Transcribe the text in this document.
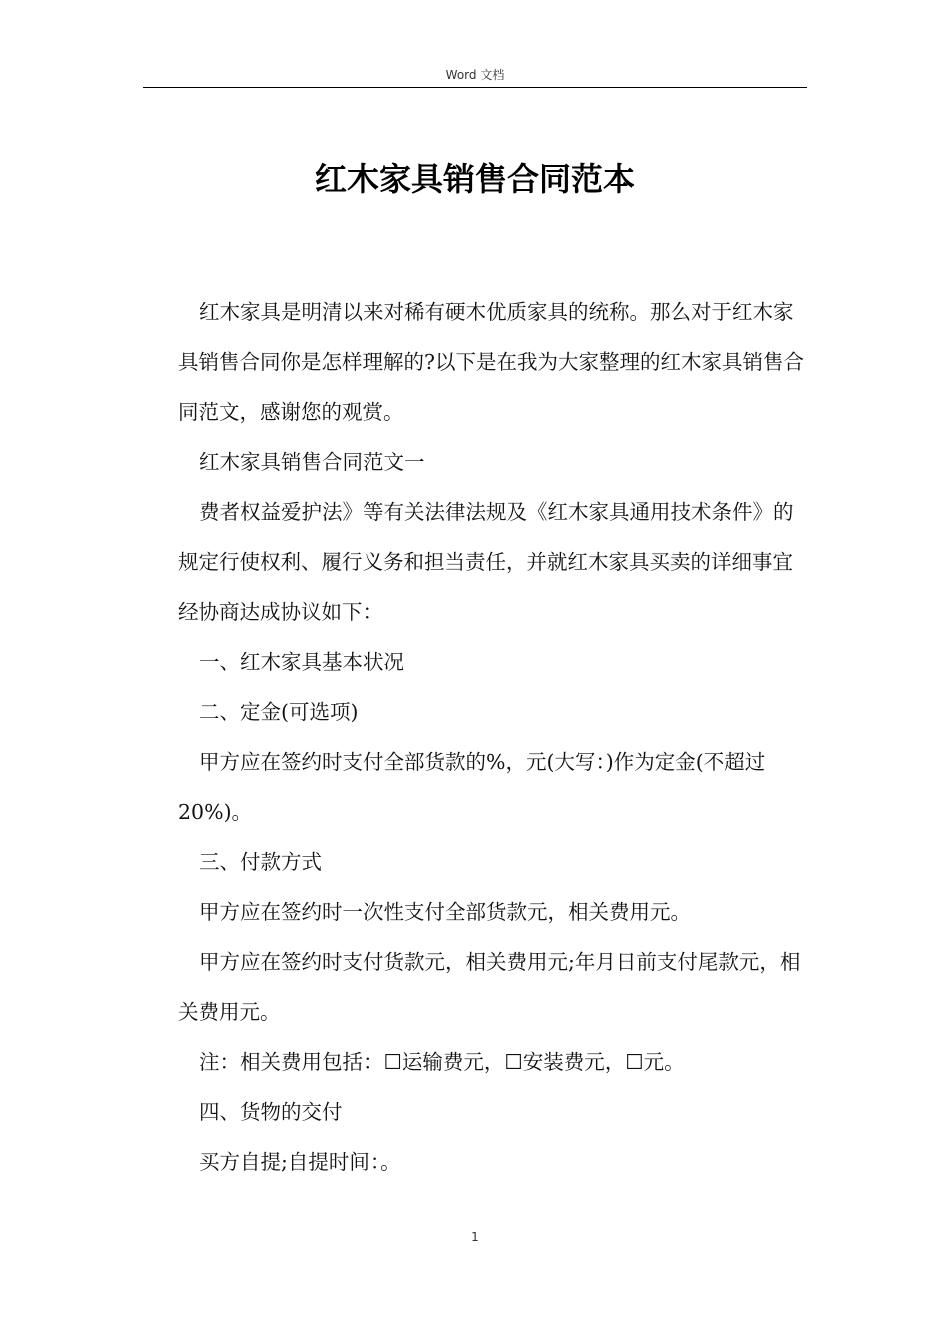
Word 文档
红木家具销售合同范本

红木家具是明清以来对稀有硬木优质家具的统称。那么对于红木家具销售合同你是怎样理解的?以下是在我为大家整理的红木家具销售合同范文，感谢您的观赏。

红木家具销售合同范文一

费者权益爱护法》等有关法律法规及《红木家具通用技术条件》的规定行使权利、履行义务和担当责任，并就红木家具买卖的详细事宜经协商达成协议如下：

一、红木家具基本状况

二、定金(可选项)

甲方应在签约时支付全部货款的%，元(大写：)作为定金(不超过 20%)。

三、付款方式

甲方应在签约时一次性支付全部货款元，相关费用元。

甲方应在签约时支付货款元，相关费用元;年月日前支付尾款元，相关费用元。

注：相关费用包括：☐运输费元，☐安装费元，☐元。

四、货物的交付

买方自提;自提时间：。

1
